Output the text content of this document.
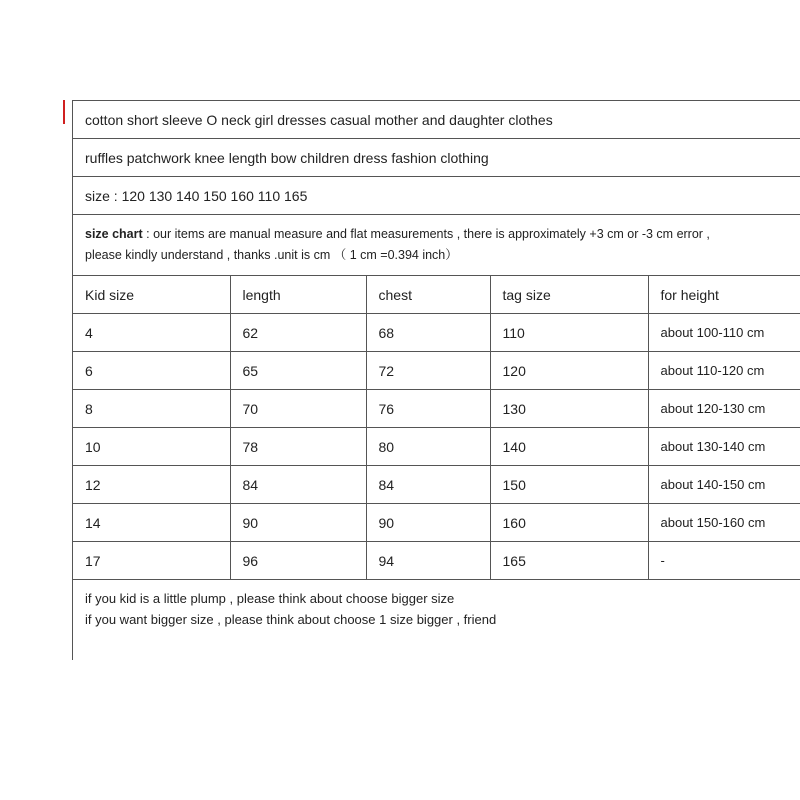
cotton short sleeve O neck girl dresses casual mother and daughter clothes
ruffles patchwork knee length bow children dress fashion clothing
size : 120 130 140 150 160 110 165
size chart : our items are manual measure and flat measurements , there is approximately +3 cm or -3 cm error ,
please kindly understand , thanks .unit is cm （ 1 cm =0.394 inch）
Kid size	length	chest	tag size	for height
4	62	68	110	about 100-110 cm
6	65	72	120	about 110-120 cm
8	70	76	130	about 120-130 cm
10	78	80	140	about 130-140 cm
12	84	84	150	about 140-150 cm
14	90	90	160	about 150-160 cm
17	96	94	165	-
if you kid is a little plump , please think about choose bigger size
if you want bigger size , please think about choose 1 size bigger , friend
